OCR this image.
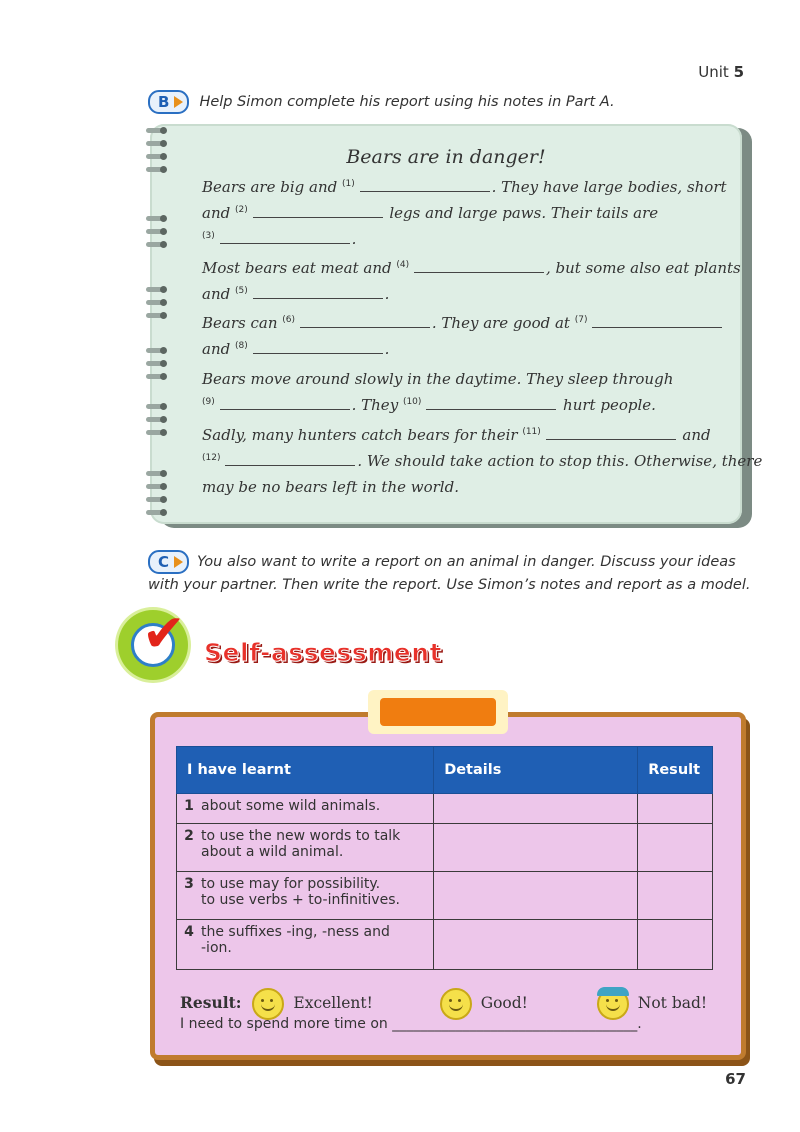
Unit 5
B Help Simon complete his report using his notes in Part A.
Bears are in danger!
Bears are big and $^{(1)}$	. They have large bodies, short
and $^{(2)}$	legs and large paws. Their tails are
$^{(3)}$	.
Most bears eat meat and $^{(4)}$	, but some also eat plants
and $^{(5)}$	.
Bears can $^{(6)}$	. They are good at $^{(7)}$
and $^{(8)}$	.
Bears move around slowly in the daytime. They sleep through
$^{(9)}$	. They $^{(10)}$	hurt people.
Sadly, many hunters catch bears for their $^{(11)}$	and
$^{(12)}$	. We should take action to stop this. Otherwise, there
may be no bears left in the world.
C You also want to write a report on an animal in danger. Discuss your ideas
with your partner. Then write the report. Use Simon’s notes and report as a model.
✔ Self-assessment
I have learnt		Details	Result
1	about some wild animals.		

2	to use the new words to talk
about a wild animal.		

3	to use may for possibility.
to use verbs + to-infinitives.		

4	the suffixes -ing, -ness and
-ion.		

Result:	Excellent!	Good!	Not bad!
I need to spend more time on ___________________________________.
67
